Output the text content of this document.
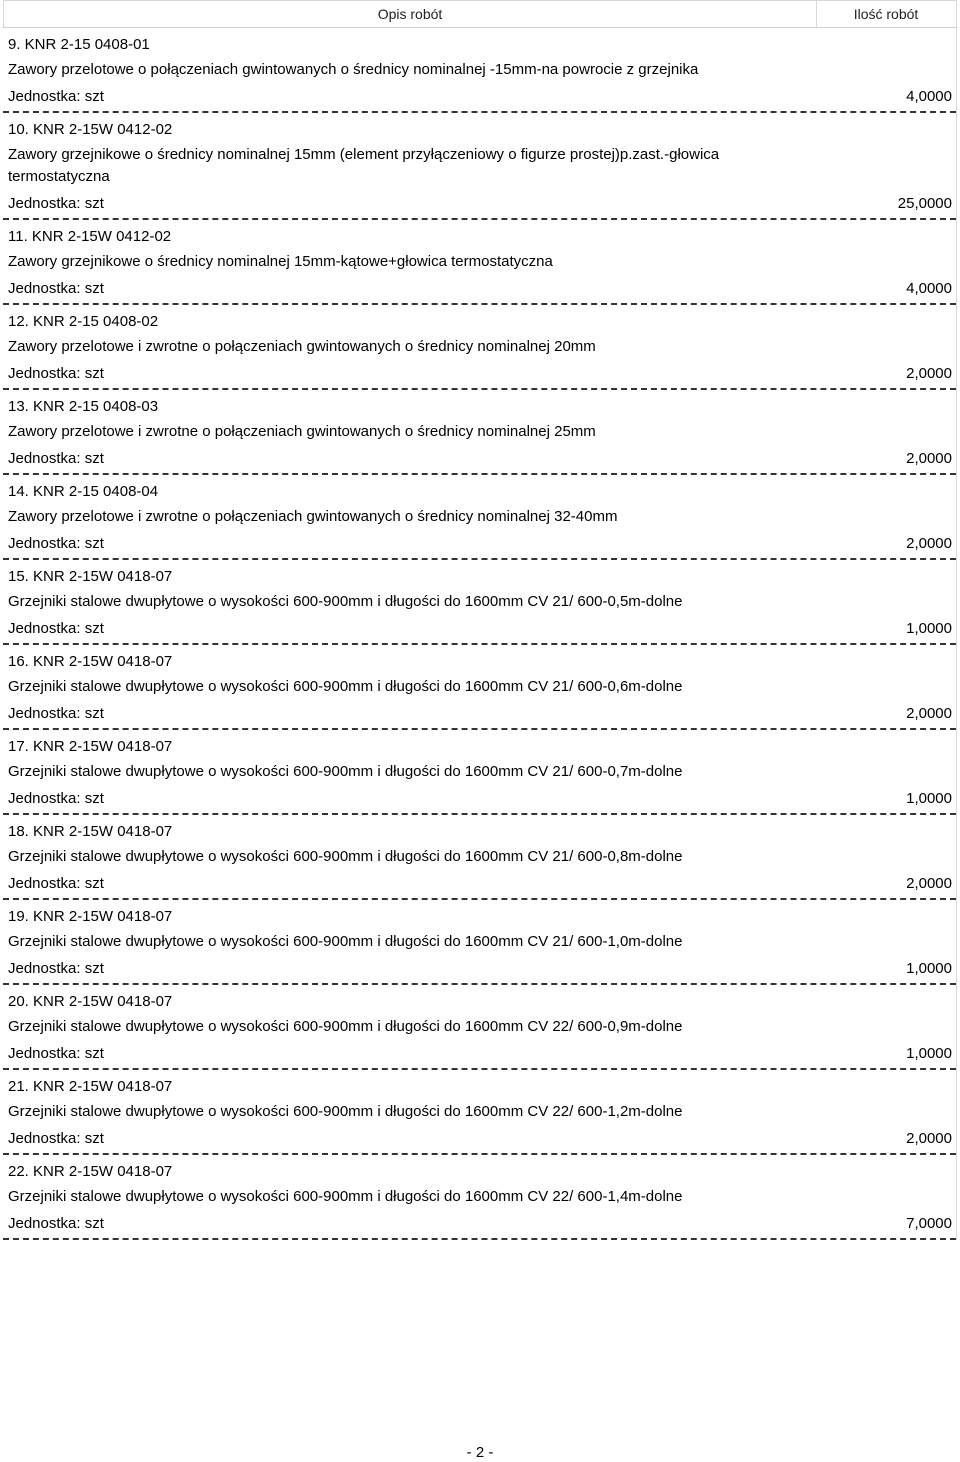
Opis robót	Ilość robót
9. KNR 2-15 0408-01
Zawory przelotowe o połączeniach gwintowanych o średnicy nominalnej -15mm-na powrocie z grzejnika
Jednostka: szt	4,0000
10. KNR 2-15W 0412-02
Zawory grzejnikowe o średnicy nominalnej 15mm (element przyłączeniowy o figurze prostej)p.zast.-głowica termostatyczna
Jednostka: szt	25,0000
11. KNR 2-15W 0412-02
Zawory grzejnikowe o średnicy nominalnej 15mm-kątowe+głowica termostatyczna
Jednostka: szt	4,0000
12. KNR 2-15 0408-02
Zawory przelotowe i zwrotne o połączeniach gwintowanych o średnicy nominalnej 20mm
Jednostka: szt	2,0000
13. KNR 2-15 0408-03
Zawory przelotowe i zwrotne o połączeniach gwintowanych o średnicy nominalnej 25mm
Jednostka: szt	2,0000
14. KNR 2-15 0408-04
Zawory przelotowe i zwrotne o połączeniach gwintowanych o średnicy nominalnej 32-40mm
Jednostka: szt	2,0000
15. KNR 2-15W 0418-07
Grzejniki stalowe dwupłytowe o wysokości 600-900mm i długości do 1600mm CV 21/ 600-0,5m-dolne
Jednostka: szt	1,0000
16. KNR 2-15W 0418-07
Grzejniki stalowe dwupłytowe o wysokości 600-900mm i długości do 1600mm CV 21/ 600-0,6m-dolne
Jednostka: szt	2,0000
17. KNR 2-15W 0418-07
Grzejniki stalowe dwupłytowe o wysokości 600-900mm i długości do 1600mm CV 21/ 600-0,7m-dolne
Jednostka: szt	1,0000
18. KNR 2-15W 0418-07
Grzejniki stalowe dwupłytowe o wysokości 600-900mm i długości do 1600mm CV 21/ 600-0,8m-dolne
Jednostka: szt	2,0000
19. KNR 2-15W 0418-07
Grzejniki stalowe dwupłytowe o wysokości 600-900mm i długości do 1600mm CV 21/ 600-1,0m-dolne
Jednostka: szt	1,0000
20. KNR 2-15W 0418-07
Grzejniki stalowe dwupłytowe o wysokości 600-900mm i długości do 1600mm CV 22/ 600-0,9m-dolne
Jednostka: szt	1,0000
21. KNR 2-15W 0418-07
Grzejniki stalowe dwupłytowe o wysokości 600-900mm i długości do 1600mm CV 22/ 600-1,2m-dolne
Jednostka: szt	2,0000
22. KNR 2-15W 0418-07
Grzejniki stalowe dwupłytowe o wysokości 600-900mm i długości do 1600mm CV 22/ 600-1,4m-dolne
Jednostka: szt	7,0000
- 2 -
